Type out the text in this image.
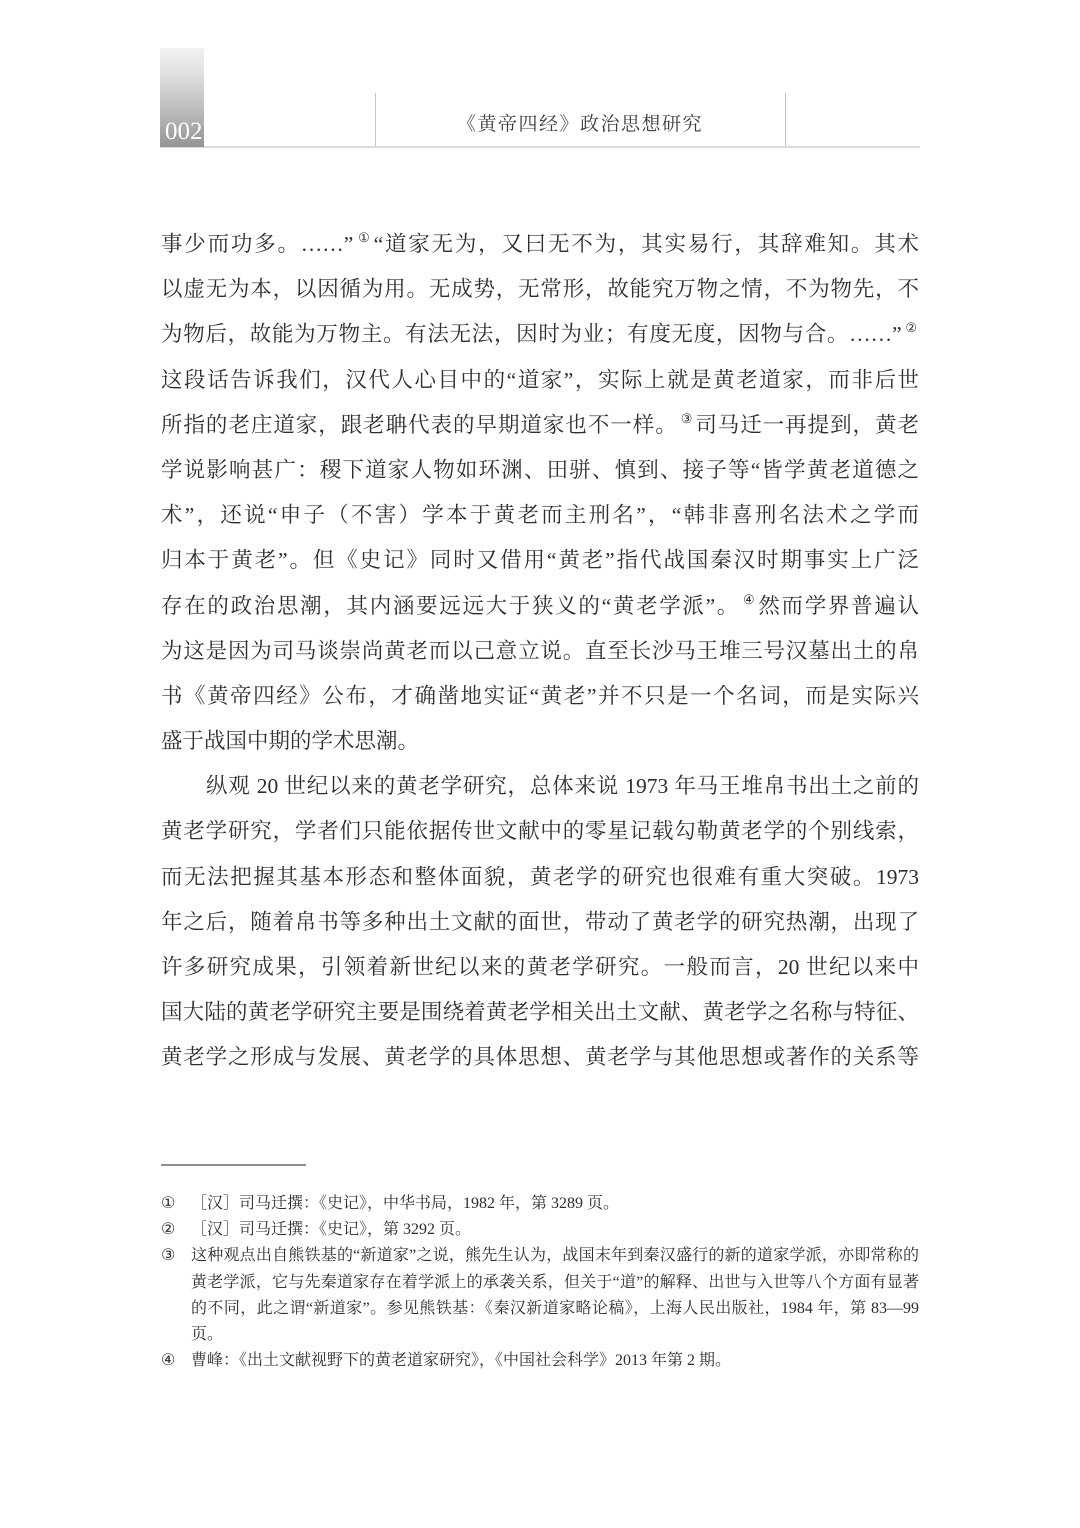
002	《黄帝四经》政治思想研究
事少而功多。……” ①“道家无为，又曰无不为，其实易行，其辞难知。其术
以虚无为本，以因循为用。无成势，无常形，故能究万物之情，不为物先，不
为物后，故能为万物主。有法无法，因时为业；有度无度，因物与合。……” ②
这段话告诉我们，汉代人心目中的“道家”，实际上就是黄老道家，而非后世
所指的老庄道家，跟老聃代表的早期道家也不一样。 ③司马迁一再提到，黄老
学说影响甚广：稷下道家人物如环渊、田骈、慎到、接子等“皆学黄老道德之
术”，还说“申子（不害）学本于黄老而主刑名”，“韩非喜刑名法术之学而
归本于黄老”。但《史记》同时又借用“黄老”指代战国秦汉时期事实上广泛
存在的政治思潮，其内涵要远远大于狭义的“黄老学派”。 ④然而学界普遍认
为这是因为司马谈崇尚黄老而以己意立说。直至长沙马王堆三号汉墓出土的帛
书《黄帝四经》公布，才确凿地实证“黄老”并不只是一个名词，而是实际兴
盛于战国中期的学术思潮。
纵观 20 世纪以来的黄老学研究，总体来说 1973 年马王堆帛书出土之前的
黄老学研究，学者们只能依据传世文献中的零星记载勾勒黄老学的个别线索，
而无法把握其基本形态和整体面貌，黄老学的研究也很难有重大突破。1973
年之后，随着帛书等多种出土文献的面世，带动了黄老学的研究热潮，出现了
许多研究成果，引领着新世纪以来的黄老学研究。一般而言，20 世纪以来中
国大陆的黄老学研究主要是围绕着黄老学相关出土文献、黄老学之名称与特征、
黄老学之形成与发展、黄老学的具体思想、黄老学与其他思想或著作的关系等
① ［汉］司马迁撰：《史记》，中华书局，1982 年，第 3289 页。
② ［汉］司马迁撰：《史记》，第 3292 页。
③ 这种观点出自熊铁基的“新道家”之说，熊先生认为，战国末年到秦汉盛行的新的道家学派，亦即常称的黄老学派，它与先秦道家存在着学派上的承袭关系，但关于“道”的解释、出世与入世等八个方面有显著的不同，此之谓“新道家”。参见熊铁基：《秦汉新道家略论稿》，上海人民出版社，1984 年，第 83—99 页。
④ 曹峰：《出土文献视野下的黄老道家研究》，《中国社会科学》2013 年第 2 期。
